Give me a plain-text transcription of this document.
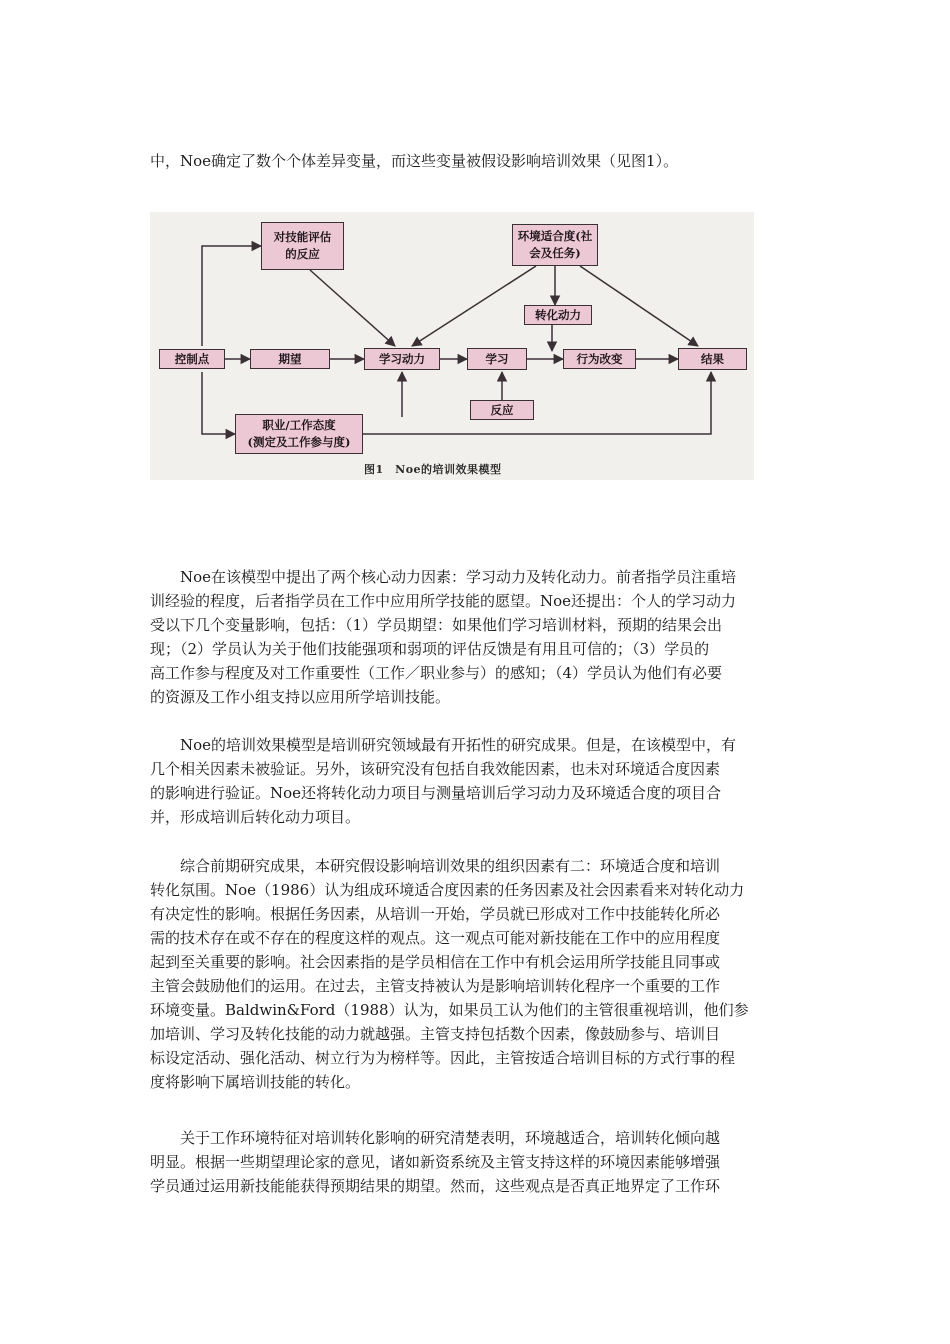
中，Noe确定了数个个体差异变量，而这些变量被假设影响培训效果（见图1）。

对技能评估
的反应
环境适合度(社
会及任务)
转化动力
控制点	期望	学习动力	学习	行为改变	结果
反应
职业/工作态度
(测定及工作参与度)
图1　Noe的培训效果模型

　　Noe在该模型中提出了两个核心动力因素：学习动力及转化动力。前者指学员注重培

训经验的程度，后者指学员在工作中应用所学技能的愿望。Noe还提出：个人的学习动力

受以下几个变量影响，包括：（1）学员期望：如果他们学习培训材料，预期的结果会出

现；（2）学员认为关于他们技能强项和弱项的评估反馈是有用且可信的；（3）学员的

高工作参与程度及对工作重要性（工作／职业参与）的感知；（4）学员认为他们有必要

的资源及工作小组支持以应用所学培训技能。

　　Noe的培训效果模型是培训研究领域最有开拓性的研究成果。但是，在该模型中，有

几个相关因素未被验证。另外，该研究没有包括自我效能因素，也未对环境适合度因素

的影响进行验证。Noe还将转化动力项目与测量培训后学习动力及环境适合度的项目合

并，形成培训后转化动力项目。

　　综合前期研究成果，本研究假设影响培训效果的组织因素有二：环境适合度和培训

转化氛围。Noe（1986）认为组成环境适合度因素的任务因素及社会因素看来对转化动力

有决定性的影响。根据任务因素，从培训一开始，学员就已形成对工作中技能转化所必

需的技术存在或不存在的程度这样的观点。这一观点可能对新技能在工作中的应用程度

起到至关重要的影响。社会因素指的是学员相信在工作中有机会运用所学技能且同事或

主管会鼓励他们的运用。在过去，主管支持被认为是影响培训转化程序一个重要的工作

环境变量。Baldwin&Ford（1988）认为，如果员工认为他们的主管很重视培训，他们参

加培训、学习及转化技能的动力就越强。主管支持包括数个因素，像鼓励参与、培训目

标设定活动、强化活动、树立行为为榜样等。因此，主管按适合培训目标的方式行事的程

度将影响下属培训技能的转化。

　　关于工作环境特征对培训转化影响的研究清楚表明，环境越适合，培训转化倾向越

明显。根据一些期望理论家的意见，诸如新资系统及主管支持这样的环境因素能够增强

学员通过运用新技能能获得预期结果的期望。然而，这些观点是否真正地界定了工作环
